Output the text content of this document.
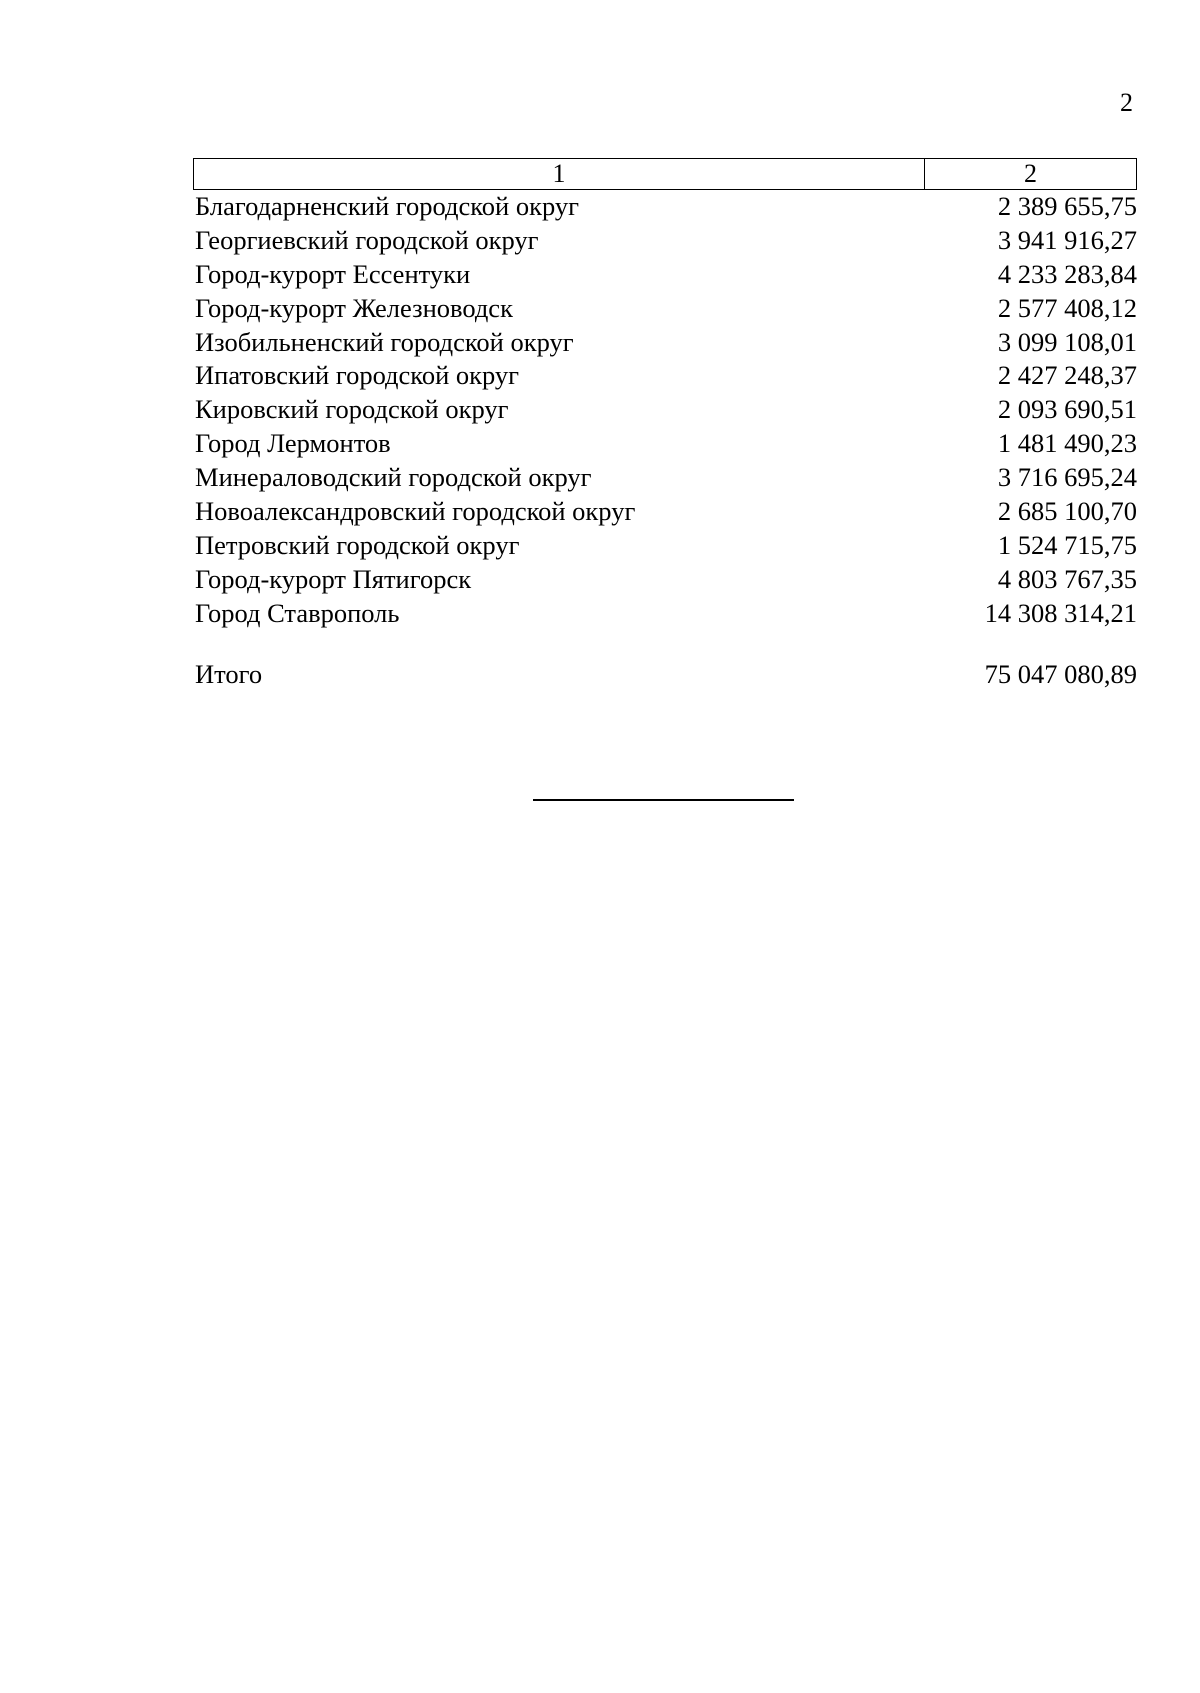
2
1	2
Благодарненский городской округ	2 389 655,75
Георгиевский городской округ	3 941 916,27
Город-курорт Ессентуки	4 233 283,84
Город-курорт Железноводск	2 577 408,12
Изобильненский городской округ	3 099 108,01
Ипатовский городской округ	2 427 248,37
Кировский городской округ	2 093 690,51
Город Лермонтов	1 481 490,23
Минераловодский городской округ	3 716 695,24
Новоалександровский городской округ	2 685 100,70
Петровский городской округ	1 524 715,75
Город-курорт Пятигорск	4 803 767,35
Город Ставрополь	14 308 314,21
Итого	75 047 080,89
